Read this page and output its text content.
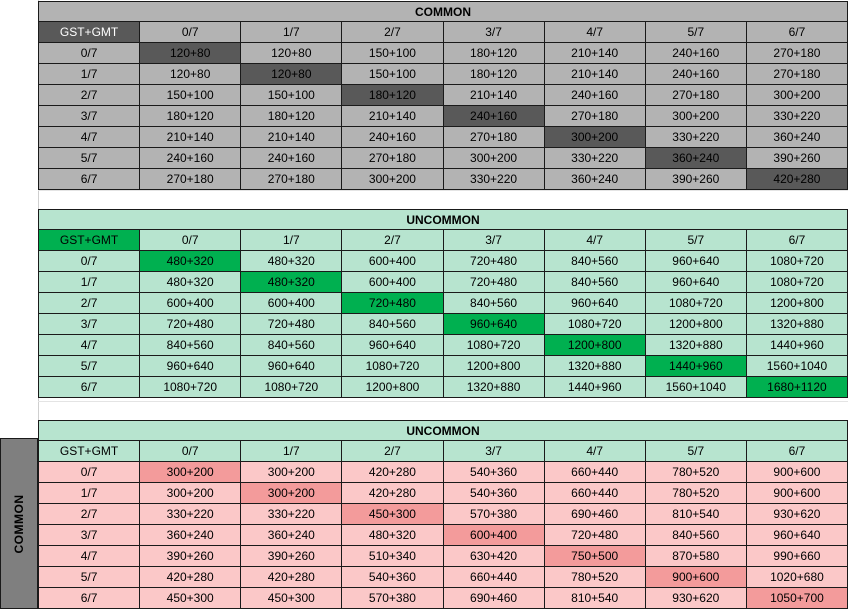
COMMON							
GST+GMT	0/7	1/7	2/7	3/7	4/7	5/7	6/7
0/7	120+80	120+80	150+100	180+120	210+140	240+160	270+180
1/7	120+80	120+80	150+100	180+120	210+140	240+160	270+180
2/7	150+100	150+100	180+120	210+140	240+160	270+180	300+200
3/7	180+120	180+120	210+140	240+160	270+180	300+200	330+220
4/7	210+140	210+140	240+160	270+180	300+200	330+220	360+240
5/7	240+160	240+160	270+180	300+200	330+220	360+240	390+260
6/7	270+180	270+180	300+200	330+220	360+240	390+260	420+280
UNCOMMON							
GST+GMT	0/7	1/7	2/7	3/7	4/7	5/7	6/7
0/7	480+320	480+320	600+400	720+480	840+560	960+640	1080+720
1/7	480+320	480+320	600+400	720+480	840+560	960+640	1080+720
2/7	600+400	600+400	720+480	840+560	960+640	1080+720	1200+800
3/7	720+480	720+480	840+560	960+640	1080+720	1200+800	1320+880
4/7	840+560	840+560	960+640	1080+720	1200+800	1320+880	1440+960
5/7	960+640	960+640	1080+720	1200+800	1320+880	1440+960	1560+1040
6/7	1080+720	1080+720	1200+800	1320+880	1440+960	1560+1040	1680+1120
UNCOMMON							
GST+GMT	0/7	1/7	2/7	3/7	4/7	5/7	6/7
0/7	300+200	300+200	420+280	540+360	660+440	780+520	900+600
1/7	300+200	300+200	420+280	540+360	660+440	780+520	900+600
2/7	330+220	330+220	450+300	570+380	690+460	810+540	930+620
3/7	360+240	360+240	480+320	600+400	720+480	840+560	960+640
4/7	390+260	390+260	510+340	630+420	750+500	870+580	990+660
5/7	420+280	420+280	540+360	660+440	780+520	900+600	1020+680
6/7	450+300	450+300	570+380	690+460	810+540	930+620	1050+700
COMMON
